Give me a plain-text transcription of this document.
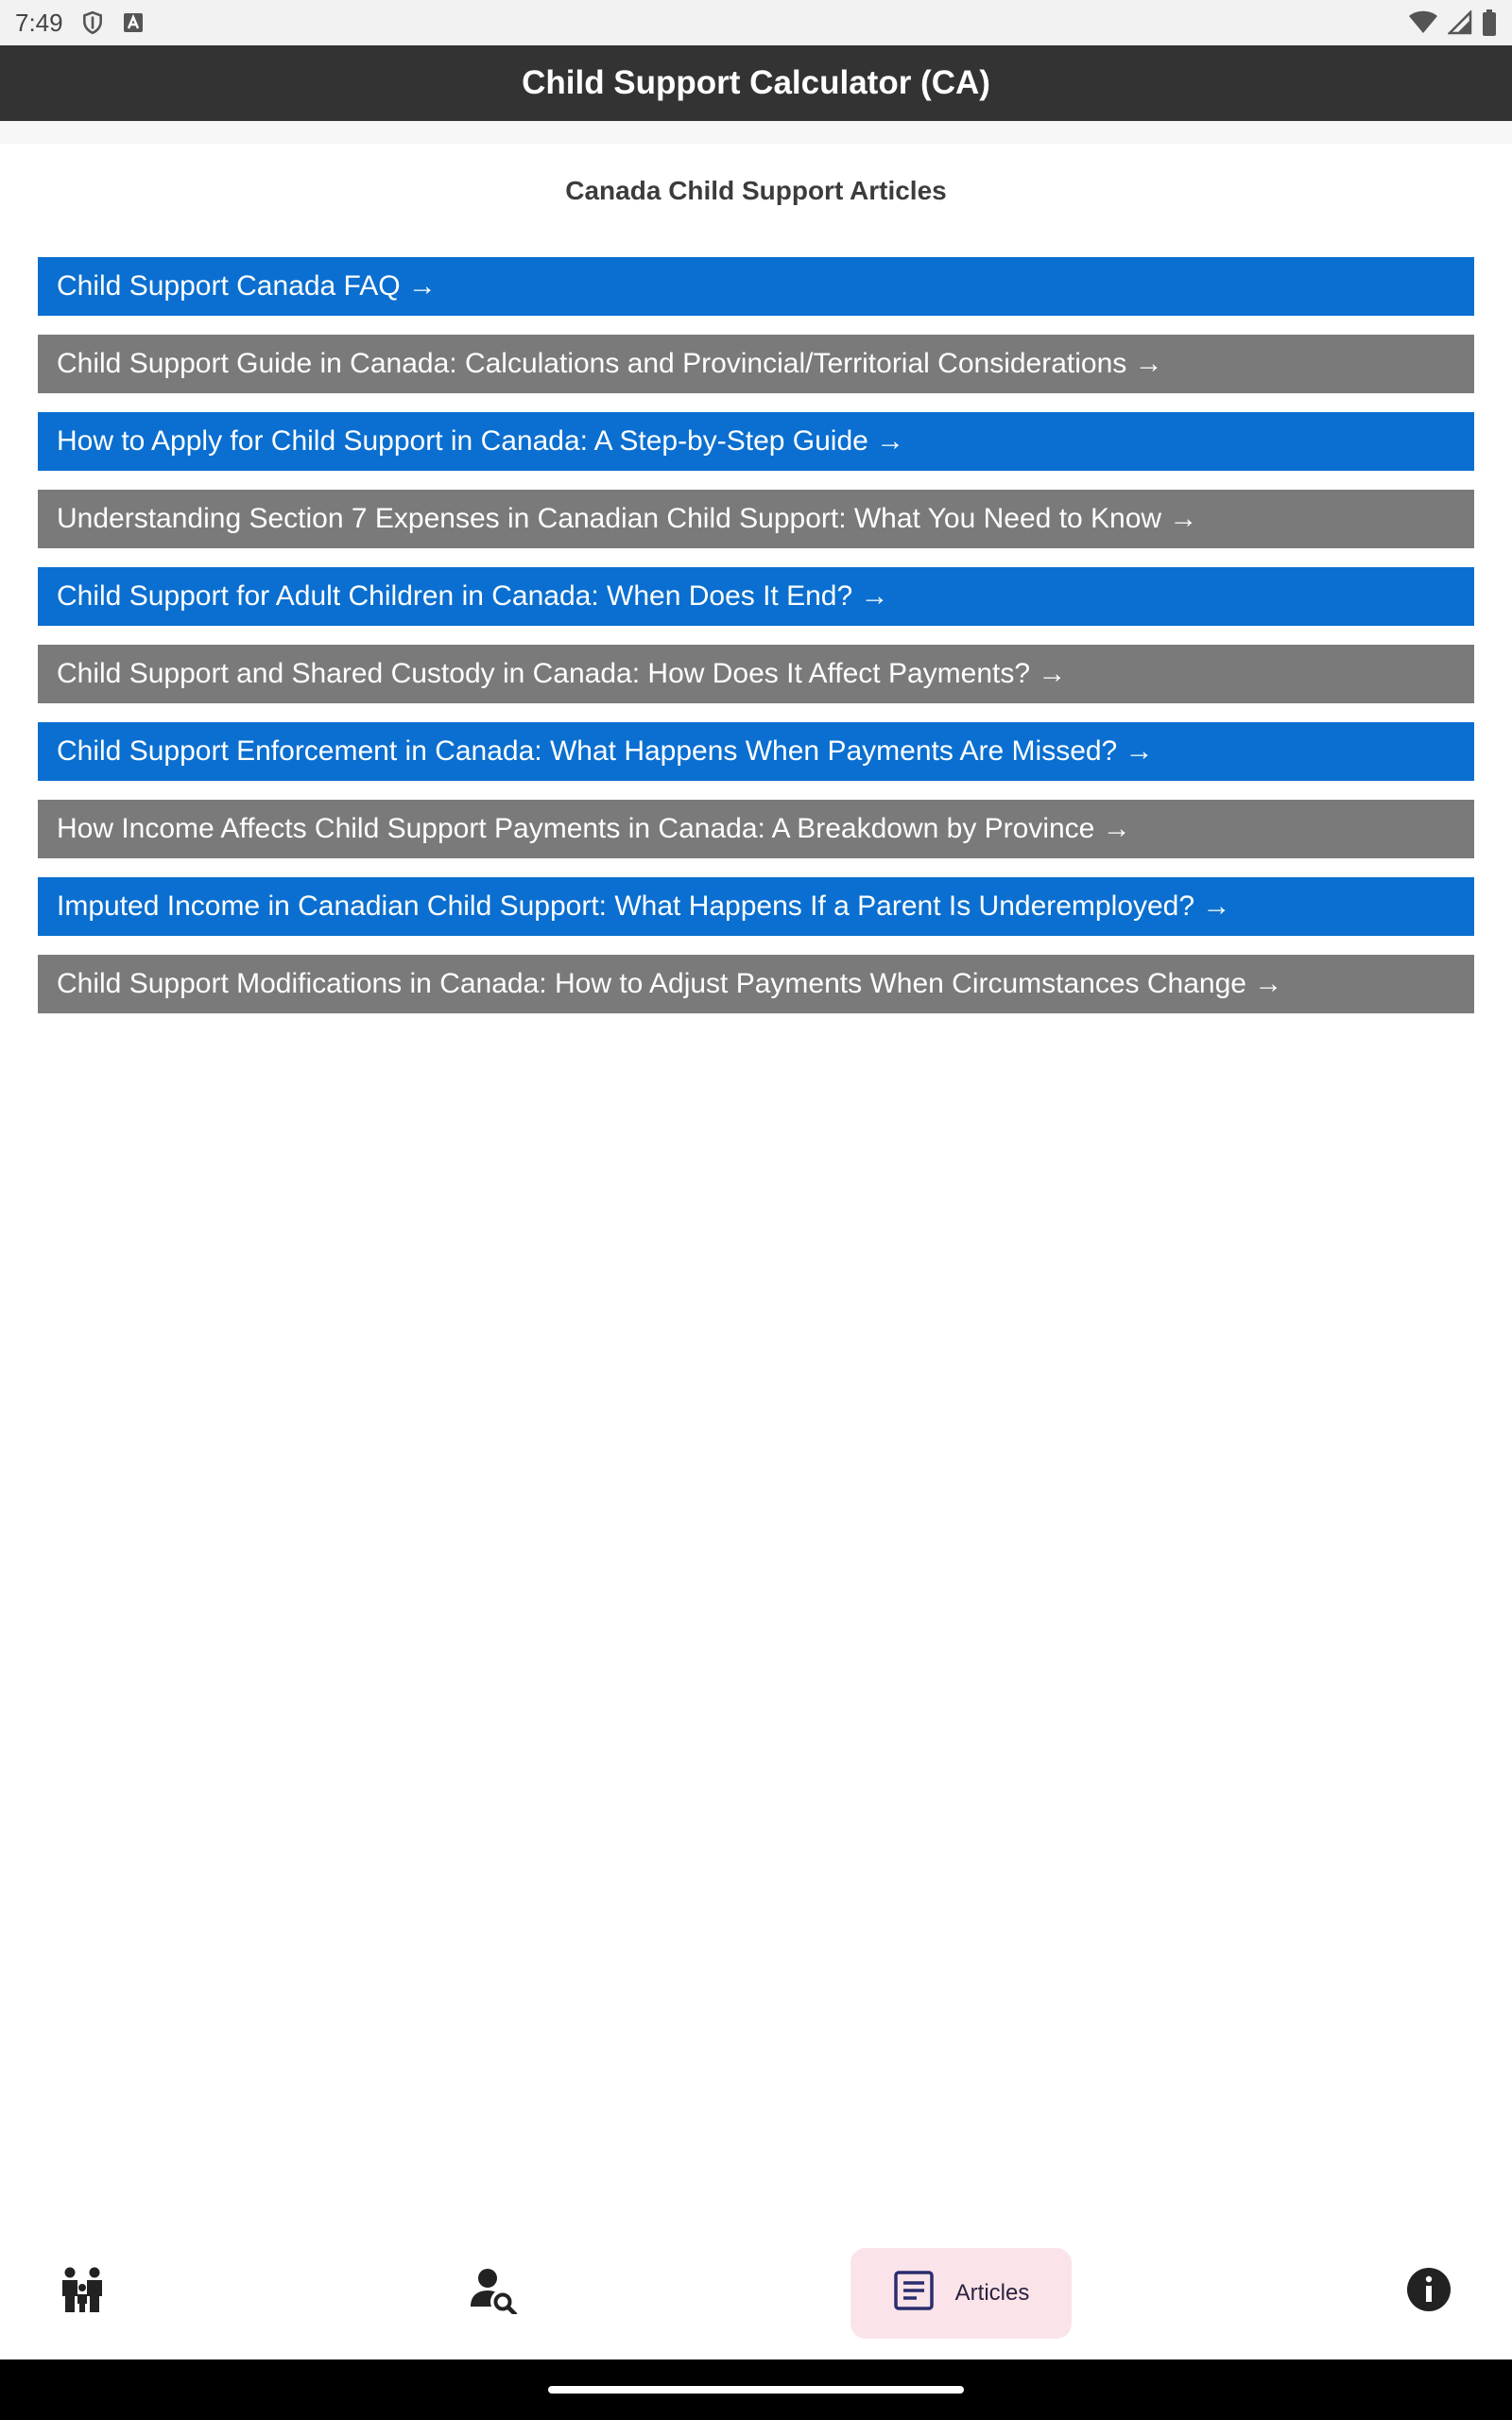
7:49
Child Support Calculator (CA)
Canada Child Support Articles
Child Support Canada FAQ →
Child Support Guide in Canada: Calculations and Provincial/Territorial Considerations →
How to Apply for Child Support in Canada: A Step-by-Step Guide →
Understanding Section 7 Expenses in Canadian Child Support: What You Need to Know →
Child Support for Adult Children in Canada: When Does It End? →
Child Support and Shared Custody in Canada: How Does It Affect Payments? →
Child Support Enforcement in Canada: What Happens When Payments Are Missed? →
How Income Affects Child Support Payments in Canada: A Breakdown by Province →
Imputed Income in Canadian Child Support: What Happens If a Parent Is Underemployed? →
Child Support Modifications in Canada: How to Adjust Payments When Circumstances Change →
Articles
